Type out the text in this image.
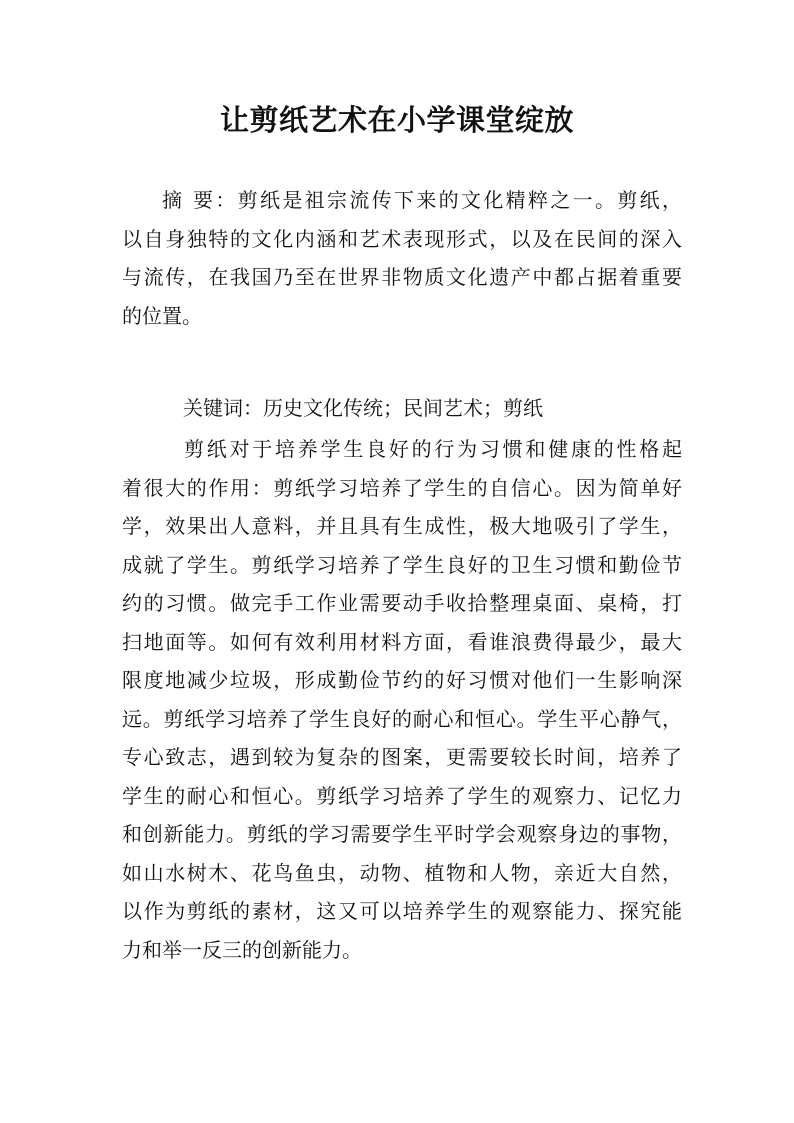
让剪纸艺术在小学课堂绽放
摘 要：剪纸是祖宗流传下来的文化精粹之一。剪纸，
以自身独特的文化内涵和艺术表现形式，以及在民间的深入
与流传，在我国乃至在世界非物质文化遗产中都占据着重要
的位置。
关键词：历史文化传统；民间艺术；剪纸
剪纸对于培养学生良好的行为习惯和健康的性格起
着很大的作用：剪纸学习培养了学生的自信心。因为简单好
学，效果出人意料，并且具有生成性，极大地吸引了学生，
成就了学生。剪纸学习培养了学生良好的卫生习惯和勤俭节
约的习惯。做完手工作业需要动手收拾整理桌面、桌椅，打
扫地面等。如何有效利用材料方面，看谁浪费得最少，最大
限度地减少垃圾，形成勤俭节约的好习惯对他们一生影响深
远。剪纸学习培养了学生良好的耐心和恒心。学生平心静气，
专心致志，遇到较为复杂的图案，更需要较长时间，培养了
学生的耐心和恒心。剪纸学习培养了学生的观察力、记忆力
和创新能力。剪纸的学习需要学生平时学会观察身边的事物，
如山水树木、花鸟鱼虫，动物、植物和人物，亲近大自然，
以作为剪纸的素材，这又可以培养学生的观察能力、探究能
力和举一反三的创新能力。
